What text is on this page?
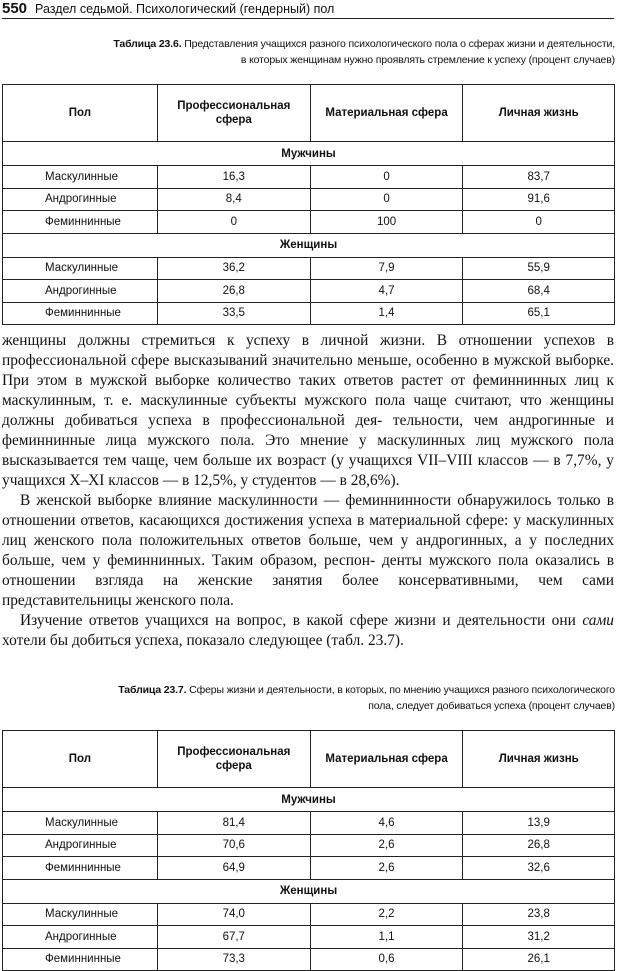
550 Раздел седьмой. Психологический (гендерный) пол
Таблица 23.6. Представления учащихся разного психологического пола о сферах жизни и деятельности,
в которых женщинам нужно проявлять стремление к успеху (процент случаев)
Пол	Профессиональная сфера	Материальная сфера	Личная жизнь
Мужчины			
Маскулинные	16,3	0	83,7
Андрогинные	8,4	0	91,6
Феминнинные	0	100	0
Женщины			
Маскулинные	36,2	7,9	55,9
Андрогинные	26,8	4,7	68,4
Феминнинные	33,5	1,4	65,1

женщины должны стремиться к успеху в личной жизни. В отношении успехов в профессиональной сфере высказываний значительно меньше, особенно в мужской выборке. При этом в мужской выборке количество таких ответов растет от феминнинных лиц к маскулинным, т. е. маскулинные субъекты мужского пола чаще считают, что женщины должны добиваться успеха в профессиональной дея- тельности, чем андрогинные и феминнинные лица мужского пола. Это мнение у маскулинных лиц мужского пола высказывается тем чаще, чем больше их возраст (у учащихся VII–VIII классов — в 7,7%, у учащихся X–XI классов — в 12,5%, у студентов — в 28,6%).

В женской выборке влияние маскулинности — феминнинности обнаружилось только в отношении ответов, касающихся достижения успеха в материальной сфере: у маскулинных лиц женского пола положительных ответов больше, чем у андрогинных, а у последних больше, чем у феминнинных. Таким образом, респон- денты мужского пола оказались в отношении взгляда на женские занятия более консервативными, чем сами представительницы женского пола.

Изучение ответов учащихся на вопрос, в какой сфере жизни и деятельности они сами хотели бы добиться успеха, показало следующее (табл. 23.7).

Таблица 23.7. Сферы жизни и деятельности, в которых, по мнению учащихся разного психологического
пола, следует добиваться успеха (процент случаев)
Пол	Профессиональная сфера	Материальная сфера	Личная жизнь
Мужчины			
Маскулинные	81,4	4,6	13,9
Андрогинные	70,6	2,6	26,8
Феминнинные	64,9	2,6	32,6
Женщины			
Маскулинные	74,0	2,2	23,8
Андрогинные	67,7	1,1	31,2
Феминнинные	73,3	0,6	26,1
